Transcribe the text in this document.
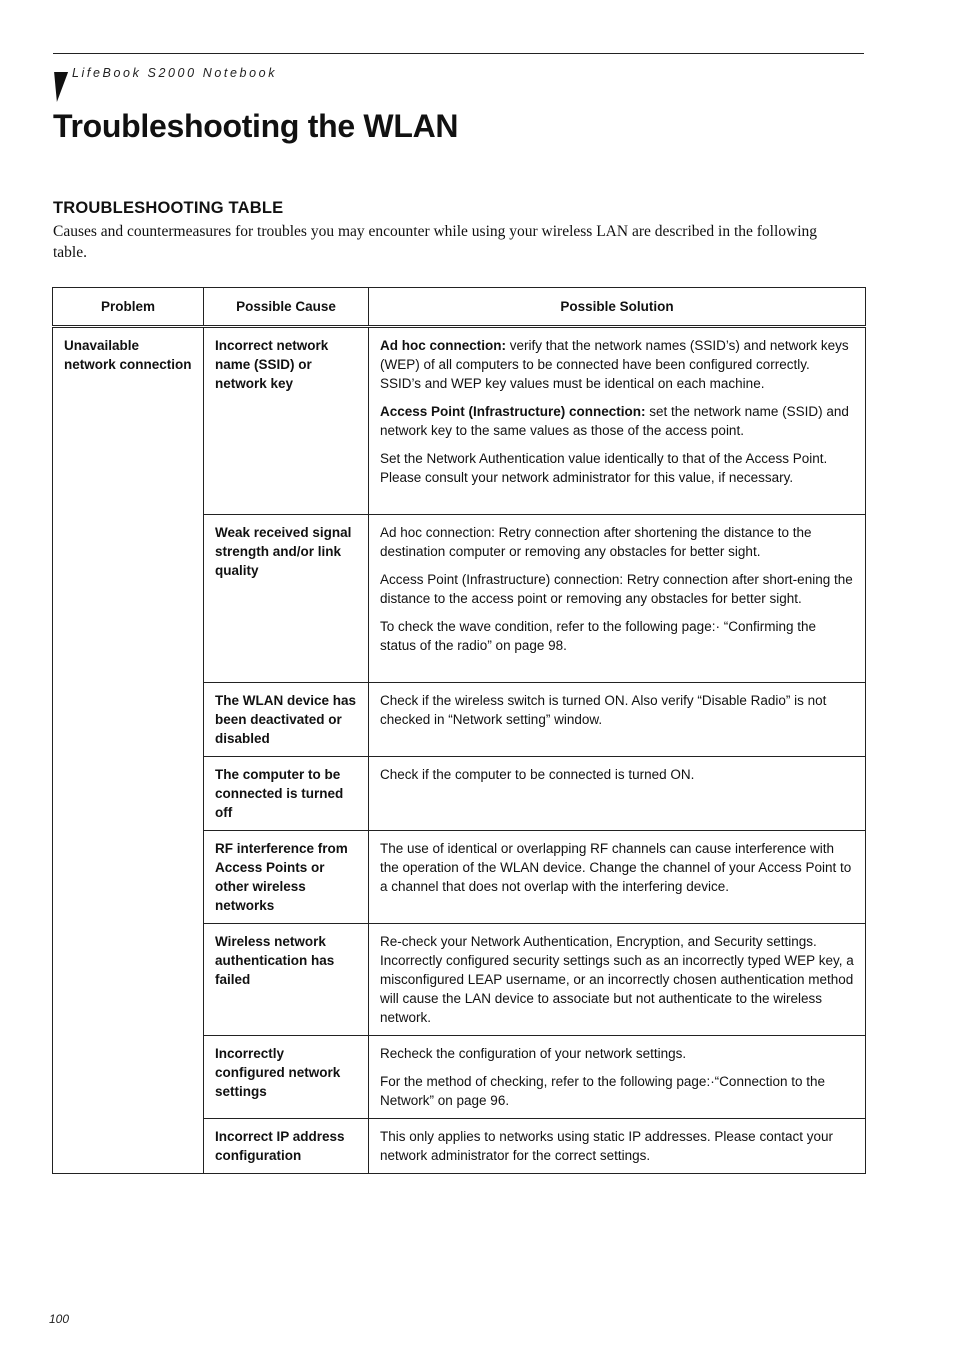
LifeBook S2000 Notebook
Troubleshooting the WLAN
TROUBLESHOOTING TABLE

Causes and countermeasures for troubles you may encounter while using your wireless LAN are described in the following table.

Problem	Possible Cause	Possible Solution
Unavailable network connection	Incorrect network name (SSID) or network key	Ad hoc connection: verify that the network names (SSID’s) and network keys (WEP) of all computers to be connected have been configured correctly. SSID’s and WEP key values must be identical on each machine.

Access Point (Infrastructure) connection: set the network name (SSID) and network key to the same values as those of the access point.

Set the Network Authentication value identically to that of the Access Point. Please consult your network administrator for this value, if necessary.

	Weak received signal strength and/or link quality	Ad hoc connection: Retry connection after shortening the distance to the destination computer or removing any obstacles for better sight.

Access Point (Infrastructure) connection: Retry connection after short-ening the distance to the access point or removing any obstacles for better sight.

To check the wave condition, refer to the following page:· “Confirming the status of the radio” on page 98.

	The WLAN device has been deactivated or disabled	Check if the wireless switch is turned ON. Also verify “Disable Radio” is not checked in “Network setting” window.

	The computer to be connected is turned off	Check if the computer to be connected is turned ON.

	RF interference from Access Points or other wireless networks	The use of identical or overlapping RF channels can cause interference with the operation of the WLAN device. Change the channel of your Access Point to a channel that does not overlap with the interfering device.

	Wireless network authentication has failed	Re-check your Network Authentication, Encryption, and Security settings. Incorrectly configured security settings such as an incorrectly typed WEP key, a misconfigured LEAP username, or an incorrectly chosen authentication method will cause the LAN device to associate but not authenticate to the wireless network.

	Incorrectly configured network settings	Recheck the configuration of your network settings.

For the method of checking, refer to the following page:·“Connection to the Network” on page 96.

	Incorrect IP address configuration	This only applies to networks using static IP addresses. Please contact your network administrator for the correct settings.

100
